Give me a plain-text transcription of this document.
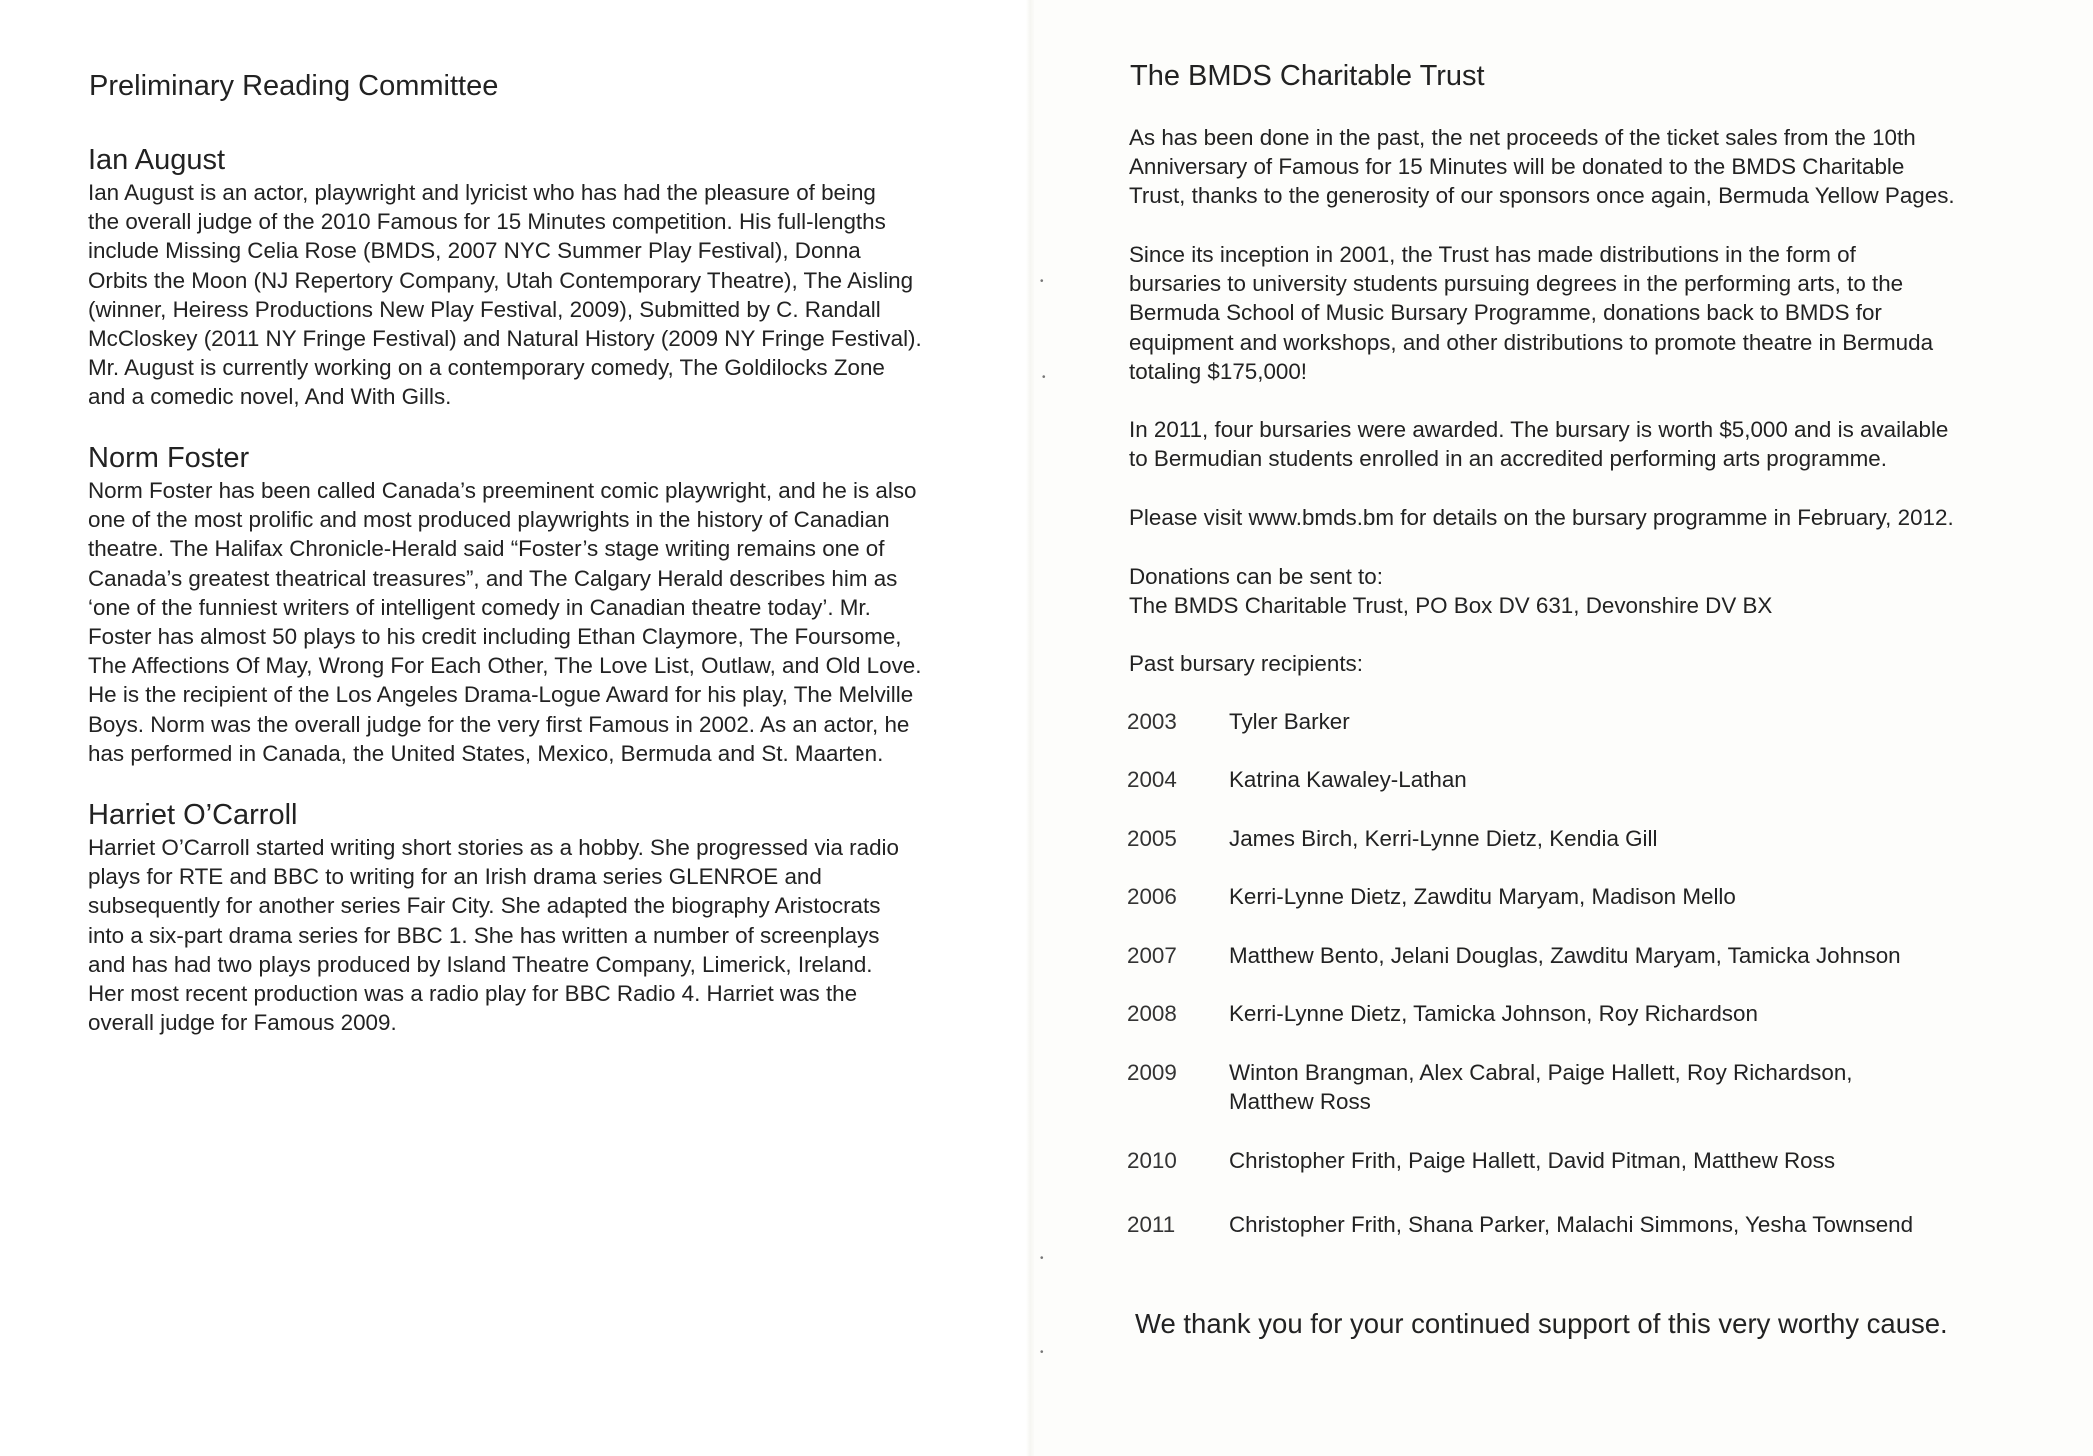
•
•
•
•
Preliminary Reading Committee
Ian August

Ian August is an actor, playwright and lyricist who has had the pleasure of being
the overall judge of the 2010 Famous for 15 Minutes competition. His full-lengths
include Missing Celia Rose (BMDS, 2007 NYC Summer Play Festival), Donna
Orbits the Moon (NJ Repertory Company, Utah Contemporary Theatre), The Aisling
(winner, Heiress Productions New Play Festival, 2009), Submitted by C. Randall
McCloskey (2011 NY Fringe Festival) and Natural History (2009 NY Fringe Festival).
Mr. August is currently working on a contemporary comedy, The Goldilocks Zone
and a comedic novel, And With Gills.

Norm Foster

Norm Foster has been called Canada’s preeminent comic playwright, and he is also
one of the most prolific and most produced playwrights in the history of Canadian
theatre. The Halifax Chronicle-Herald said “Foster’s stage writing remains one of
Canada’s greatest theatrical treasures”, and The Calgary Herald describes him as
‘one of the funniest writers of intelligent comedy in Canadian theatre today’. Mr.
Foster has almost 50 plays to his credit including Ethan Claymore, The Foursome,
The Affections Of May, Wrong For Each Other, The Love List, Outlaw, and Old Love.
He is the recipient of the Los Angeles Drama-Logue Award for his play, The Melville
Boys. Norm was the overall judge for the very first Famous in 2002. As an actor, he
has performed in Canada, the United States, Mexico, Bermuda and St. Maarten.

Harriet O’Carroll

Harriet O’Carroll started writing short stories as a hobby. She progressed via radio
plays for RTE and BBC to writing for an Irish drama series GLENROE and
subsequently for another series Fair City. She adapted the biography Aristocrats
into a six-part drama series for BBC 1. She has written a number of screenplays
and has had two plays produced by Island Theatre Company, Limerick, Ireland.
Her most recent production was a radio play for BBC Radio 4. Harriet was the
overall judge for Famous 2009.

The BMDS Charitable Trust

As has been done in the past, the net proceeds of the ticket sales from the 10th
Anniversary of Famous for 15 Minutes will be donated to the BMDS Charitable
Trust, thanks to the generosity of our sponsors once again, Bermuda Yellow Pages.

Since its inception in 2001, the Trust has made distributions in the form of
bursaries to university students pursuing degrees in the performing arts, to the
Bermuda School of Music Bursary Programme, donations back to BMDS for
equipment and workshops, and other distributions to promote theatre in Bermuda
totaling $175,000!

In 2011, four bursaries were awarded. The bursary is worth $5,000 and is available
to Bermudian students enrolled in an accredited performing arts programme.

Please visit www.bmds.bm for details on the bursary programme in February, 2012.

Donations can be sent to:
The BMDS Charitable Trust, PO Box DV 631, Devonshire DV BX

Past bursary recipients:

2003	Tyler Barker
2004	Katrina Kawaley-Lathan
2005	James Birch, Kerri-Lynne Dietz, Kendia Gill
2006	Kerri-Lynne Dietz, Zawditu Maryam, Madison Mello
2007	Matthew Bento, Jelani Douglas, Zawditu Maryam, Tamicka Johnson
2008	Kerri-Lynne Dietz, Tamicka Johnson, Roy Richardson
2009	Winton Brangman, Alex Cabral, Paige Hallett, Roy Richardson,
Matthew Ross
2010	Christopher Frith, Paige Hallett, David Pitman, Matthew Ross
2011	Christopher Frith, Shana Parker, Malachi Simmons, Yesha Townsend

We thank you for your continued support of this very worthy cause.
